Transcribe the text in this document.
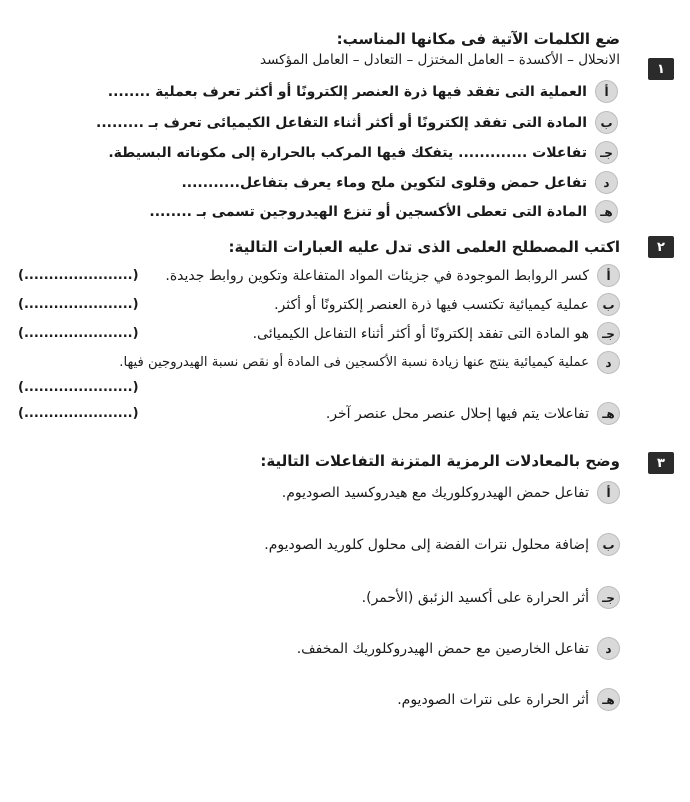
١
ضع الكلمات الآتية فى مكانها المناسب:
الانحلال – الأكسدة – العامل المختزل – التعادل – العامل المؤكسد
أ
العملية التى تفقد فيها ذرة العنصر إلكترونًا أو أكثر تعرف بعملية ........
ب
المادة التى تفقد إلكترونًا أو أكثر أثناء التفاعل الكيميائى تعرف بـ .........
جـ
تفاعلات ............. يتفكك فيها المركب بالحرارة إلى مكوناته البسيطة.
د
تفاعل حمض وقلوى لتكوين ملح وماء يعرف بتفاعل...........
هـ
المادة التى تعطى الأكسجين أو تنزع الهيدروجين تسمى بـ ........
٢
اكتب المصطلح العلمى الذى تدل عليه العبارات التالية:
أ
كسر الروابط الموجودة في جزيئات المواد المتفاعلة وتكوين روابط جديدة.
(......................)
ب
عملية كيميائية تكتسب فيها ذرة العنصر إلكترونًا أو أكثر.
(......................)
جـ
هو المادة التى تفقد إلكترونًا أو أكثر أثناء التفاعل الكيميائى.
(......................)
د
عملية كيميائية ينتج عنها زيادة نسبة الأكسجين فى المادة أو نقص نسبة الهيدروجين فيها.
(......................)
هـ
تفاعلات يتم فيها إحلال عنصر محل عنصر آخر.
(......................)
٣
وضح بالمعادلات الرمزية المتزنة التفاعلات التالية:
أ
تفاعل حمض الهيدروكلوريك مع هيدروكسيد الصوديوم.
ب
إضافة محلول نترات الفضة إلى محلول كلوريد الصوديوم.
جـ
أثر الحرارة على أكسيد الزئبق (الأحمر).
د
تفاعل الخارصين مع حمض الهيدروكلوريك المخفف.
هـ
أثر الحرارة على نترات الصوديوم.
